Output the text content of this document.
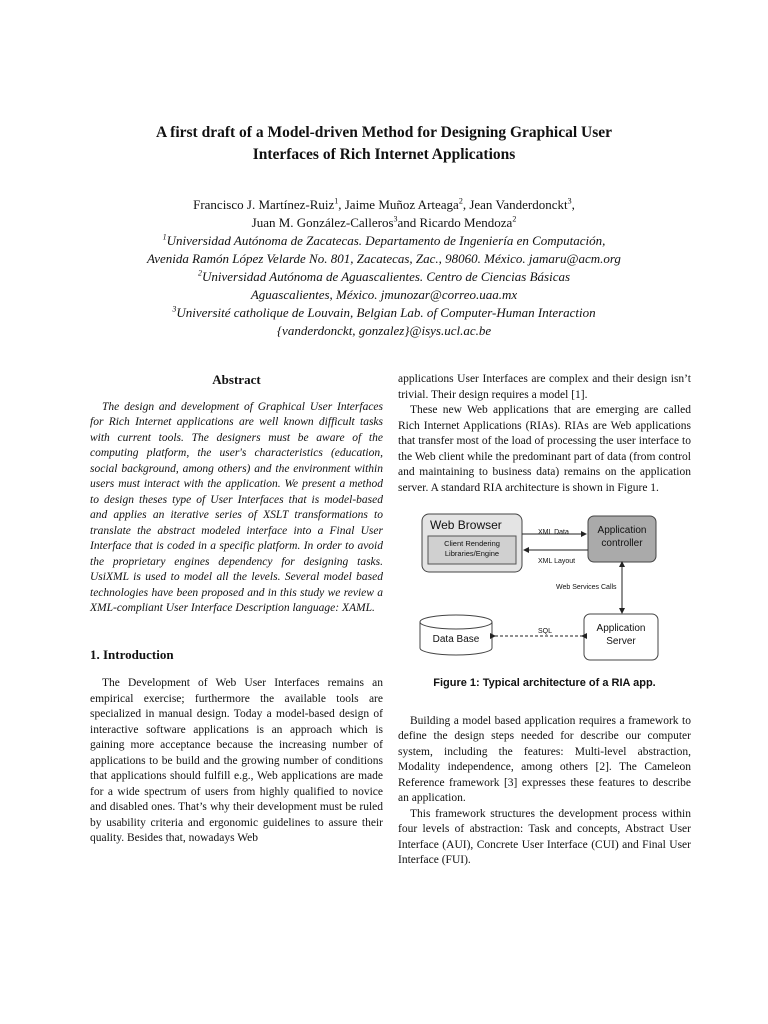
A first draft of a Model-driven Method for Designing Graphical User
Interfaces of Rich Internet Applications
Francisco J. Martínez-Ruiz$^1$, Jaime Muñoz Arteaga$^2$, Jean Vanderdonckt$^3$,
Juan M. González-Calleros$^3$and Ricardo Mendoza$^2$
$^1$Universidad Autónoma de Zacatecas. Departamento de Ingeniería en Computación,
Avenida Ramón López Velarde No. 801, Zacatecas, Zac., 98060. México. jamaru@acm.org
$^2$Universidad Autónoma de Aguascalientes. Centro de Ciencias Básicas
Aguascalientes, México. jmunozar@correo.uaa.mx
$^3$Université catholique de Louvain, Belgian Lab. of Computer-Human Interaction
{vanderdonckt, gonzalez}@isys.ucl.ac.be
Abstract

The design and development of Graphical User Interfaces for Rich Internet applications are well known difficult tasks with current tools. The designers must be aware of the computing platform, the user's characteristics (education, social background, among others) and the environment within users must interact with the application. We present a method to design theses type of User Interfaces that is model-based and applies an iterative series of XSLT transformations to translate the abstract modeled interface into a Final User Interface that is coded in a specific platform. In order to avoid the proprietary engines dependency for designing tasks. UsiXML is used to model all the levels. Several model based technologies have been proposed and in this study we review a XML-compliant User Interface Description language: XAML.

1. Introduction

The Development of Web User Interfaces remains an empirical exercise; furthermore the available tools are specialized in manual design. Today a model-based design of interactive software applications is an approach which is gaining more acceptance because the increasing number of applications to be build and the growing number of conditions that applications should fulfill e.g., Web applications are made for a wide spectrum of users from highly qualified to novice and disabled ones. That’s why their development must be ruled by usability criteria and ergonomic guidelines to assure their quality. Besides that, nowadays Web

applications User Interfaces are complex and their design isn’t trivial. Their design requires a model [1].

These new Web applications that are emerging are called Rich Internet Applications (RIAs). RIAs are Web applications that transfer most of the load of processing the user interface to the Web client while the predominant part of data (from control and maintaining to business data) remains on the application server. A standard RIA architecture is shown in Figure 1.

Web Browser
Client Rendering
Libraries/Engine
XML Data
XML Layout
Application
controller
Web Services Calls
SQL
Data Base
Application
Server
Figure 1: Typical architecture of a RIA app.

Building a model based application requires a framework to define the design steps needed for describe our computer system, including the features: Multi-level abstraction, Modality independence, among others [2]. The Cameleon Reference framework [3] expresses these features to describe an application.

This framework structures the development process within four levels of abstraction: Task and concepts, Abstract User Interface (AUI), Concrete User Interface (CUI) and Final User Interface (FUI).
